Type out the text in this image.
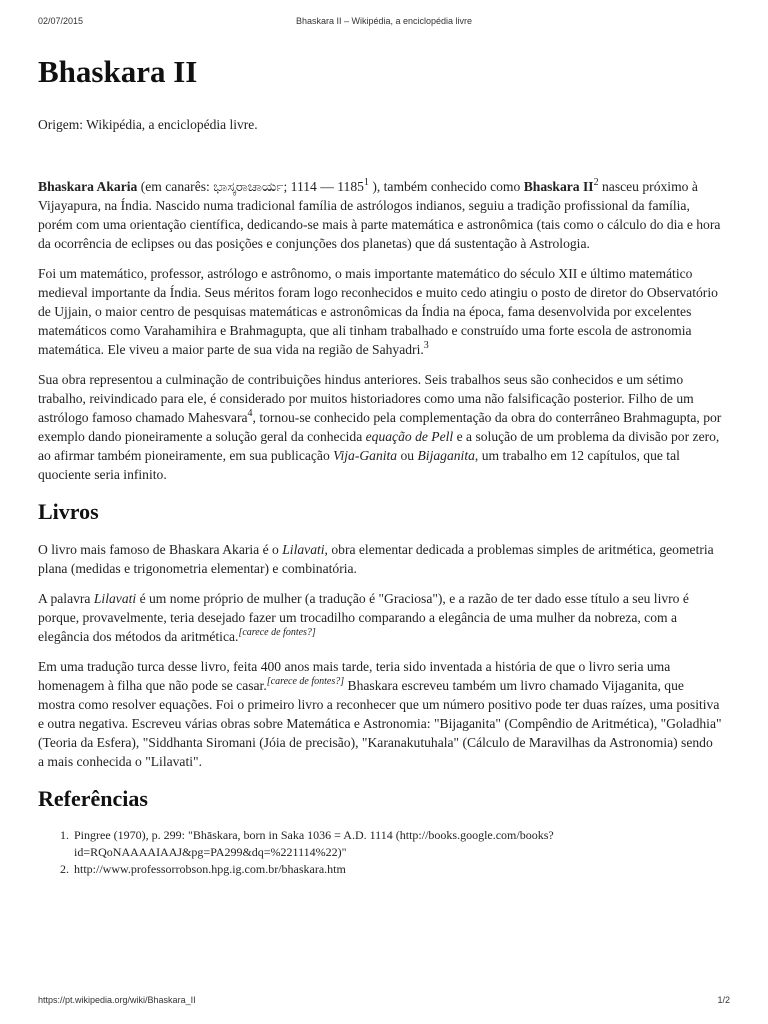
02/07/2015	Bhaskara II – Wikipédia, a enciclopédia livre
Bhaskara II
Origem: Wikipédia, a enciclopédia livre.

Bhaskara Akaria (em canarês: ಭಾಸ್ಕರಾಚಾರ್ಯ; 1114 — 1185$^1$ ), também conhecido como Bhaskara $II^2$ nasceu próximo à Vijayapura, na Índia. Nascido numa tradicional família de astrólogos indianos, seguiu a tradição profissional da família, porém com uma orientação científica, dedicando-se mais à parte matemática e astronômica (tais como o cálculo do dia e hora da ocorrência de eclipses ou das posições e conjunções dos planetas) que dá sustentação à Astrologia.

Foi um matemático, professor, astrólogo e astrônomo, o mais importante matemático do século XII e último matemático medieval importante da Índia. Seus méritos foram logo reconhecidos e muito cedo atingiu o posto de diretor do Observatório de Ujjain, o maior centro de pesquisas matemáticas e astronômicas da Índia na época, fama desenvolvida por excelentes matemáticos como Varahamihira e Brahmagupta, que ali tinham trabalhado e construído uma forte escola de astronomia matemática. Ele viveu a maior parte de sua vida na região de Sahyadri.$^3$

Sua obra representou a culminação de contribuições hindus anteriores. Seis trabalhos seus são conhecidos e um sétimo trabalho, reivindicado para ele, é considerado por muitos historiadores como uma não falsificação posterior. Filho de um astrólogo famoso chamado Mahesvara$^4$, tornou-se conhecido pela complementação da obra do conterrâneo Brahmagupta, por exemplo dando pioneiramente a solução geral da conhecida equação de Pell e a solução de um problema da divisão por zero, ao afirmar também pioneiramente, em sua publicação Vija-Ganita ou Bijaganita, um trabalho em 12 capítulos, que tal quociente seria infinito.

Livros

O livro mais famoso de Bhaskara Akaria é o Lilavati, obra elementar dedicada a problemas simples de aritmética, geometria plana (medidas e trigonometria elementar) e combinatória.

A palavra Lilavati é um nome próprio de mulher (a tradução é "Graciosa"), e a razão de ter dado esse título a seu livro é porque, provavelmente, teria desejado fazer um trocadilho comparando a elegância de uma mulher da nobreza, com a elegância dos métodos da aritmética.[carece de fontes?]

Em uma tradução turca desse livro, feita 400 anos mais tarde, teria sido inventada a história de que o livro seria uma homenagem à filha que não pode se casar.[carece de fontes?] Bhaskara escreveu também um livro chamado Vijaganita, que mostra como resolver equações. Foi o primeiro livro a reconhecer que um número positivo pode ter duas raízes, uma positiva e outra negativa. Escreveu várias obras sobre Matemática e Astronomia: "Bijaganita" (Compêndio de Aritmética), "Goladhia" (Teoria da Esfera), "Siddhanta Siromani (Jóia de precisão), "Karanakutuhala" (Cálculo de Maravilhas da Astronomia) sendo a mais conhecida o "Lilavati".

Referências
1. Pingree (1970), p. 299: "Bhāskara, born in Saka 1036 = A.D. 1114 (http://books.google.com/books?id=RQoNAAAAIAAJ&pg=PA299&dq=%221114%22)"
2. http://www.professorrobson.hpg.ig.com.br/bhaskara.htm
https://pt.wikipedia.org/wiki/Bhaskara_II	1/2
